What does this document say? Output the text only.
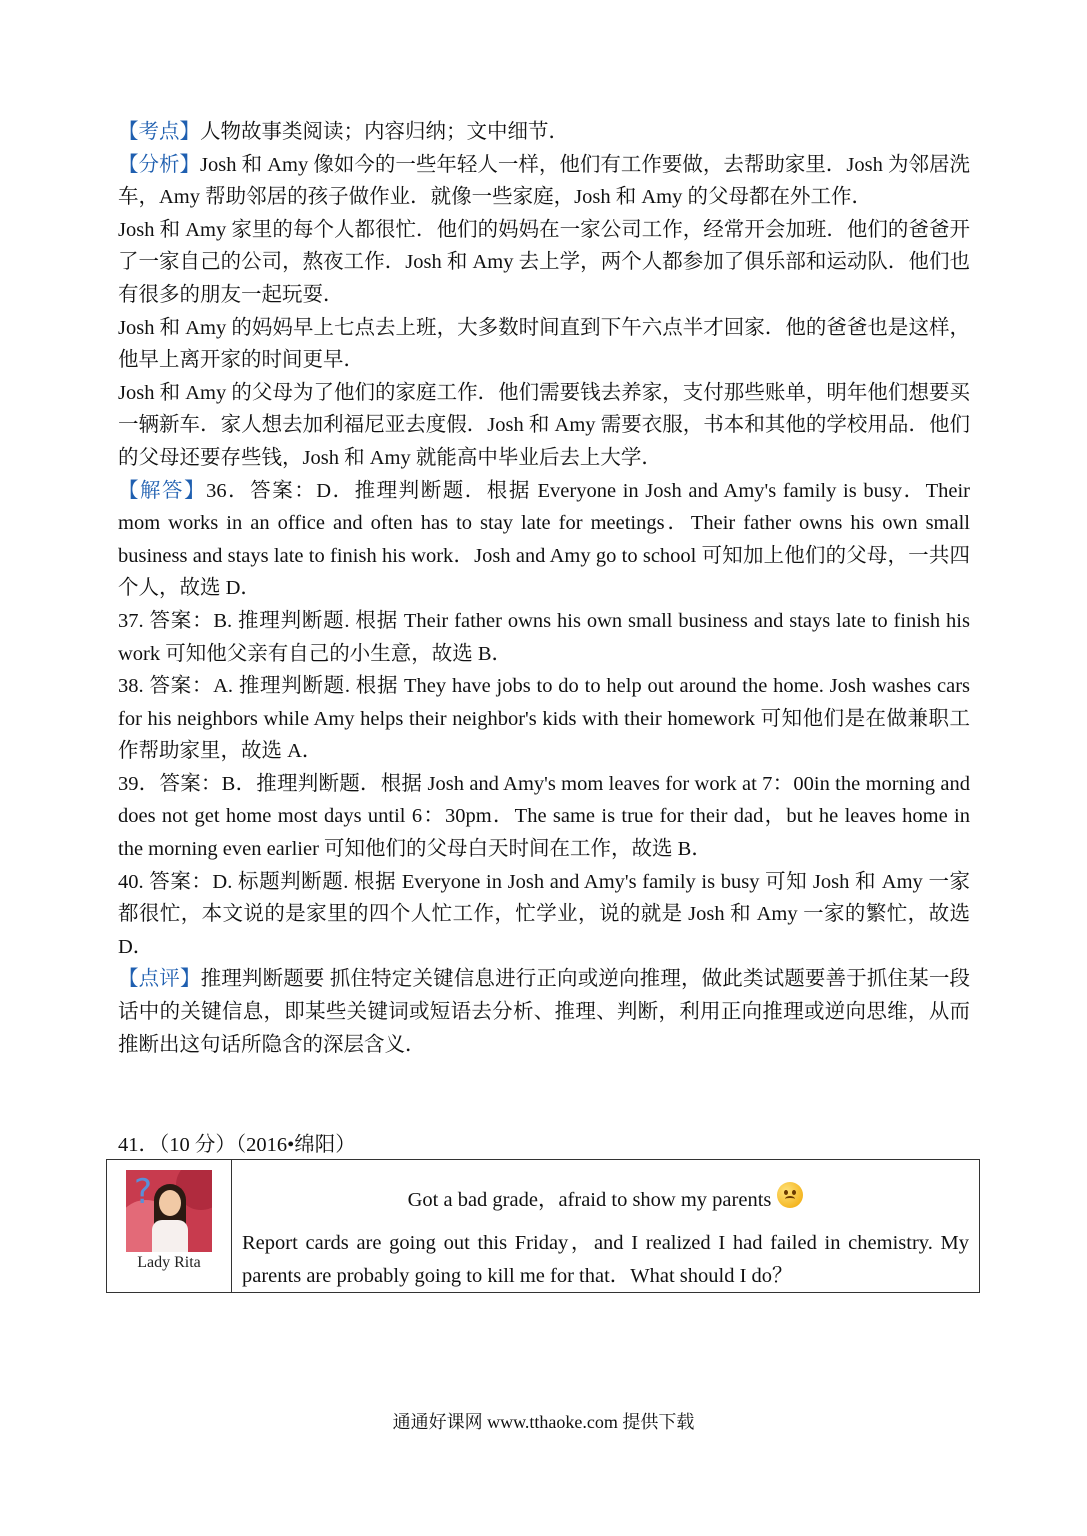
【考点】人物故事类阅读；内容归纳；文中细节．

【分析】Josh 和 Amy 像如今的一些年轻人一样，他们有工作要做，去帮助家里．Josh 为邻居洗车，Amy 帮助邻居的孩子做作业．就像一些家庭，Josh 和 Amy 的父母都在外工作．

Josh 和 Amy 家里的每个人都很忙．他们的妈妈在一家公司工作，经常开会加班．他们的爸爸开了一家自己的公司，熬夜工作．Josh 和 Amy 去上学，两个人都参加了俱乐部和运动队．他们也有很多的朋友一起玩耍．

Josh 和 Amy 的妈妈早上七点去上班，大多数时间直到下午六点半才回家．他的爸爸也是这样，他早上离开家的时间更早．

Josh 和 Amy 的父母为了他们的家庭工作．他们需要钱去养家，支付那些账单，明年他们想要买一辆新车．家人想去加利福尼亚去度假．Josh 和 Amy 需要衣服，书本和其他的学校用品．他们的父母还要存些钱，Josh 和 Amy 就能高中毕业后去上大学．

【解答】36．答案：D．推理判断题．根据 Everyone in Josh and Amy's family is busy．Their mom works in an office and often has to stay late for meetings．Their father owns his own small business and stays late to finish his work．Josh and Amy go to school 可知加上他们的父母，一共四个人，故选 D．

37. 答案：B. 推理判断题. 根据 Their father owns his own small business and stays late to finish his work 可知他父亲有自己的小生意，故选 B．

38. 答案：A. 推理判断题. 根据 They have jobs to do to help out around the home. Josh washes cars for his neighbors while Amy helps their neighbor's kids with their homework 可知他们是在做兼职工作帮助家里，故选 A．

39．答案：B．推理判断题．根据 Josh and Amy's mom leaves for work at 7：00in the morning and does not get home most days until 6：30pm．The same is true for their dad，but he leaves home in the morning even earlier 可知他们的父母白天时间在工作，故选 B．

40. 答案：D. 标题判断题. 根据 Everyone in Josh and Amy's family is busy 可知 Josh 和 Amy 一家都很忙，本文说的是家里的四个人忙工作，忙学业，说的就是 Josh 和 Amy 一家的繁忙，故选 D．

【点评】推理判断题要 抓住特定关键信息进行正向或逆向推理，做此类试题要善于抓住某一段话中的关键信息，即某些关键词或短语去分析、推理、判断，利用正向推理或逆向思维，从而推断出这句话所隐含的深层含义．

41．（10 分）（2016•绵阳）
?
Lady Rita

Got a bad grade，afraid to show my parents
Report cards are going out this Friday，and I realized I had failed in chemistry. My parents are probably going to kill me for that．What should I do？
通通好课网 www.tthaoke.com 提供下载
